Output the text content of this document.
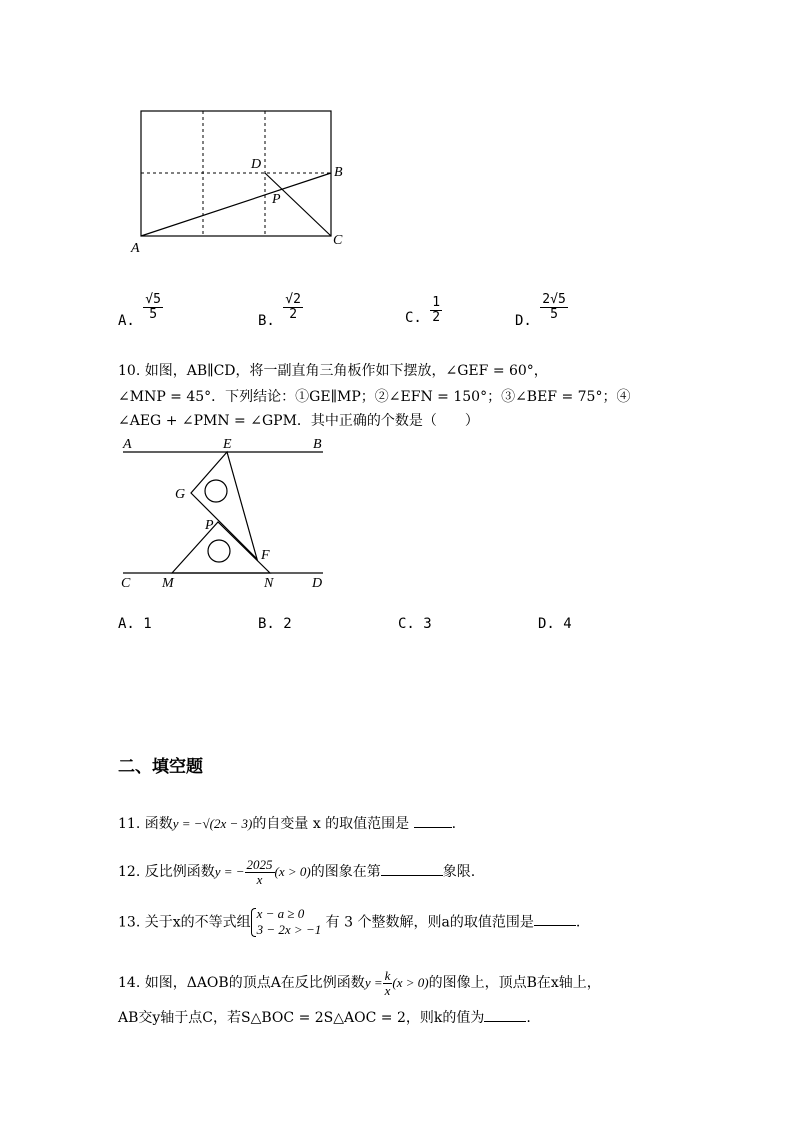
A
B
C
D
P
A. $\frac{√5}{5}$	B. $\frac{√2}{2}$	C. $\frac{1}{2}$	D. $\frac{2√5}{5}$
10. 如图，AB∥CD，将一副直角三角板作如下摆放，∠GEF = 60°，
∠MNP = 45°．下列结论：①GE∥MP；②∠EFN = 150°；③∠BEF = 75°；④
∠AEG + ∠PMN = ∠GPM．其中正确的个数是（　　）
A	E	B
G
P
F
C M	N	D
A. 1	B. 2	C. 3	D. 4
二、填空题
11. 函数y = −√(2x − 3)的自变量 x 的取值范围是	.
12. 反比例函数y = − $\frac{2025}{x} (x > 0)$的图象在第	象限.
13. 关于x的不等式组
x − a ≥ 0
3 − 2x > −1 有 3 个整数解，则a的取值范围是	.
14. 如图，ΔAOB的顶点A在反比例函数$y = \frac{k}{x} (x > 0)$的图像上，顶点B在x轴上，
AB交y轴于点C，若S△BOC = 2S△AOC = 2，则k的值为	.
